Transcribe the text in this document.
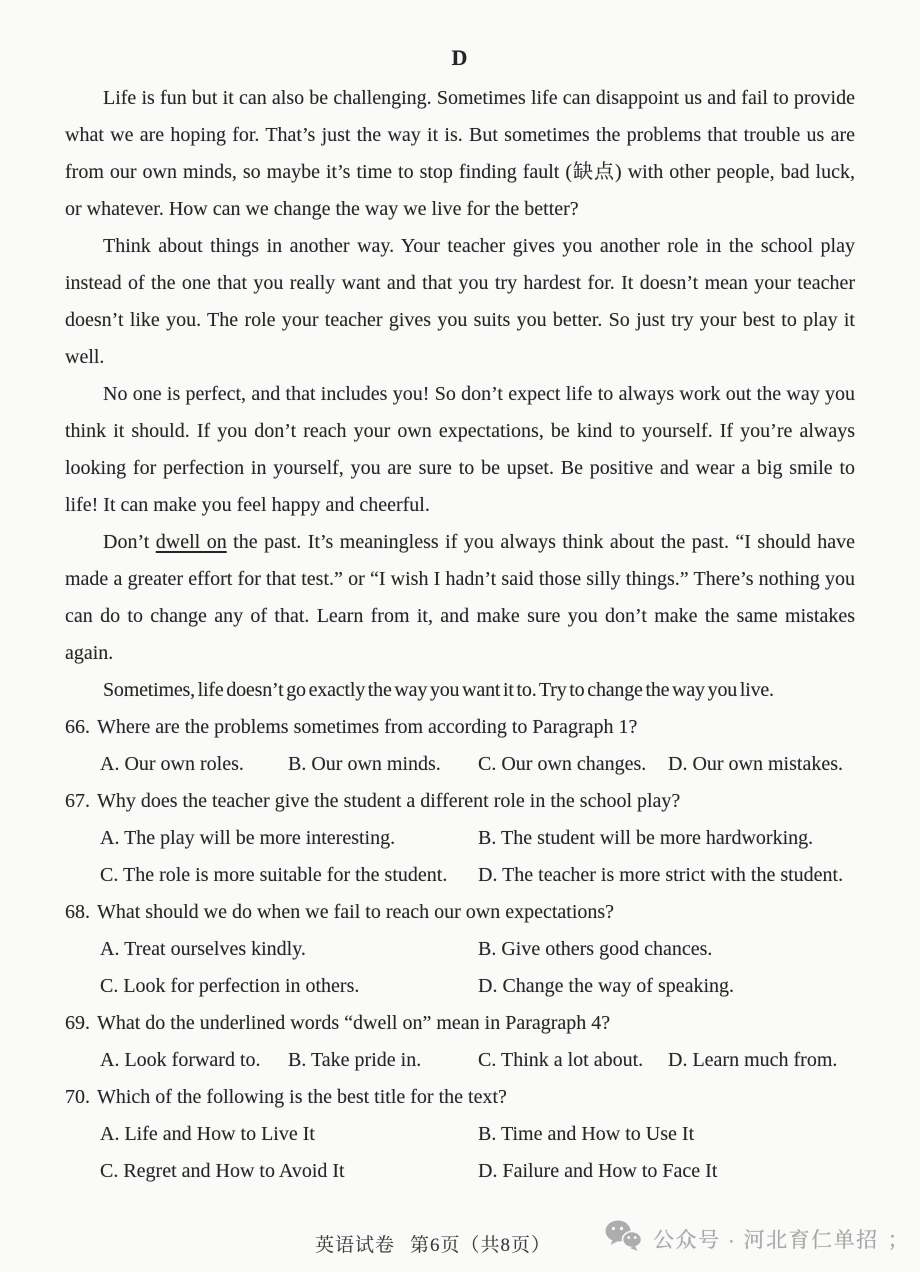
D

Life is fun but it can also be challenging. Sometimes life can disappoint us and fail to provide what we are hoping for. That’s just the way it is. But sometimes the problems that trouble us are from our own minds, so maybe it’s time to stop finding fault (缺点) with other people, bad luck, or whatever. How can we change the way we live for the better?

Think about things in another way. Your teacher gives you another role in the school play instead of the one that you really want and that you try hardest for. It doesn’t mean your teacher doesn’t like you. The role your teacher gives you suits you better. So just try your best to play it well.

No one is perfect, and that includes you! So don’t expect life to always work out the way you think it should. If you don’t reach your own expectations, be kind to yourself. If you’re always looking for perfection in yourself, you are sure to be upset. Be positive and wear a big smile to life! It can make you feel happy and cheerful.

Don’t dwell on the past. It’s meaningless if you always think about the past. “I should have made a greater effort for that test.” or “I wish I hadn’t said those silly things.” There’s nothing you can do to change any of that. Learn from it, and make sure you don’t make the same mistakes again.

Sometimes, life doesn’t go exactly the way you want it to. Try to change the way you live.

66. Where are the problems sometimes from according to Paragraph 1?
A. Our own roles.	B. Our own minds.	C. Our own changes.	D. Our own mistakes.
67. Why does the teacher give the student a different role in the school play?
A. The play will be more interesting.	B. The student will be more hardworking.
C. The role is more suitable for the student.	D. The teacher is more strict with the student.
68. What should we do when we fail to reach our own expectations?
A. Treat ourselves kindly.	B. Give others good chances.
C. Look for perfection in others.	D. Change the way of speaking.
69. What do the underlined words “dwell on” mean in Paragraph 4?
A. Look forward to.	B. Take pride in.	C. Think a lot about.	D. Learn much from.
70. Which of the following is the best title for the text?
A. Life and How to Live It	B. Time and How to Use It
C. Regret and How to Avoid It	D. Failure and How to Face It
英语试卷 第6页（共8页）	公众号 · 河北育仁单招 ；
